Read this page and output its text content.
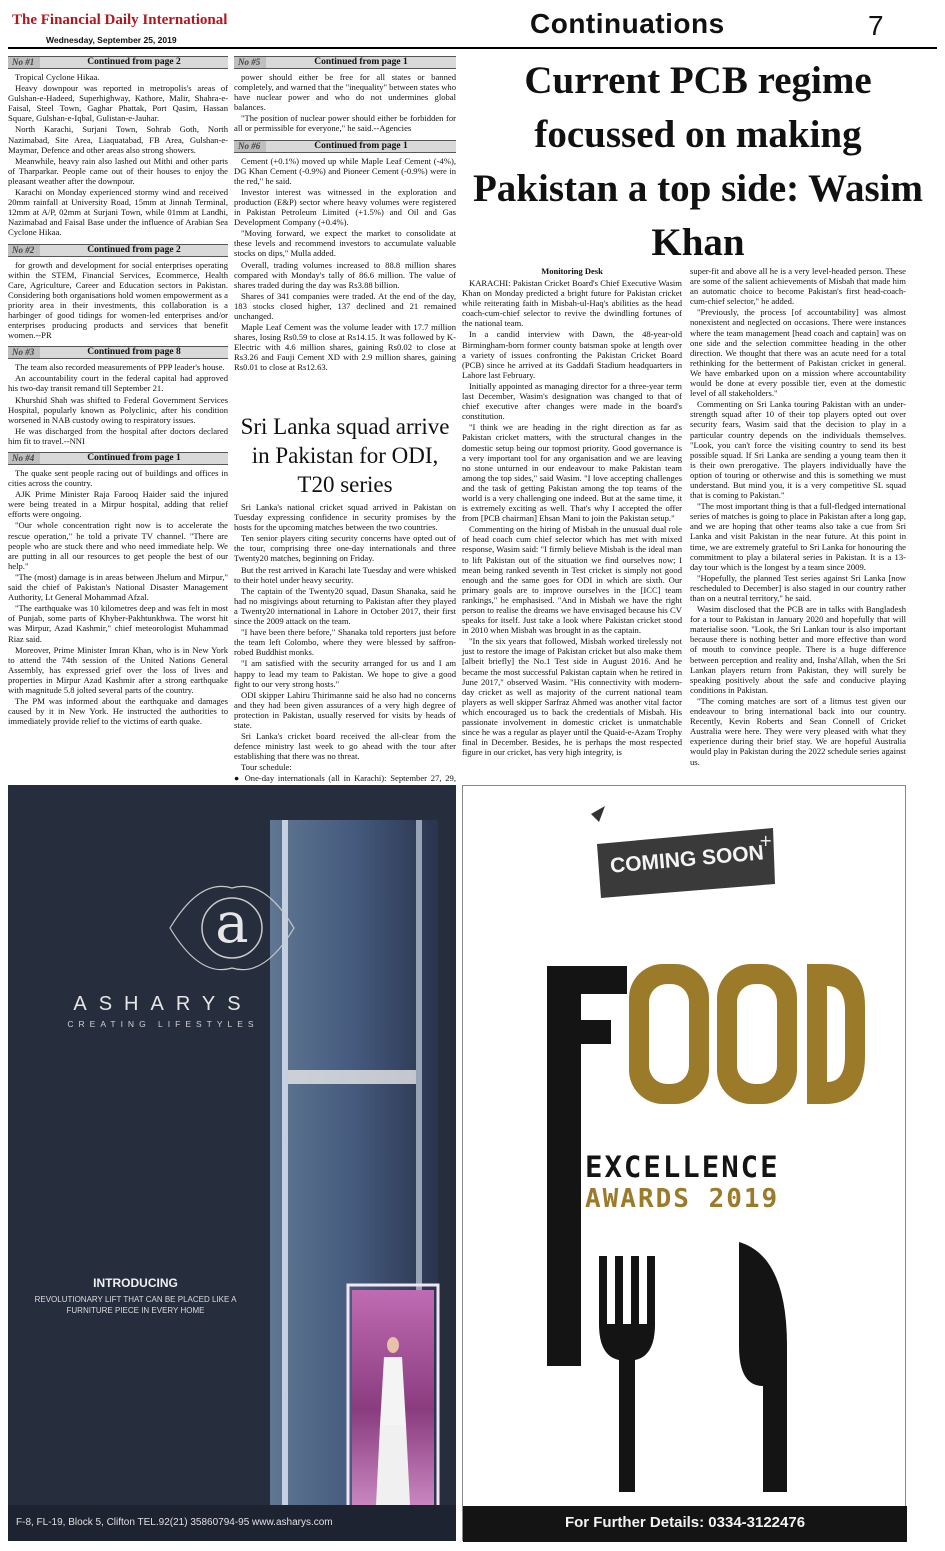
The Financial Daily International
Wednesday, September 25, 2019
Continuations	7
No #1	Continued from page 2

Tropical Cyclone Hikaa.

Heavy downpour was reported in metropolis's areas of Gulshan-e-Hadeed, Superhighway, Kathore, Malir, Shahra-e-Faisal, Steel Town, Gaghar Phattak, Port Qasim, Hassan Square, Gulshan-e-Iqbal, Gulistan-e-Jauhar.

North Karachi, Surjani Town, Sohrab Goth, North Nazimabad, Site Area, Liaquatabad, FB Area, Gulshan-e-Maymar, Defence and other areas also strong showers.

Meanwhile, heavy rain also lashed out Mithi and other parts of Tharparkar. People came out of their houses to enjoy the pleasant weather after the downpour.

Karachi on Monday experienced stormy wind and received 20mm rainfall at University Road, 15mm at Jinnah Terminal, 12mm at A/P, 02mm at Surjani Town, while 01mm at Landhi, Nazimabad and Faisal Base under the influence of Arabian Sea Cyclone Hikaa.

No #2	Continued from page 2

for growth and development for social enterprises operating within the STEM, Financial Services, Ecommerce, Health Care, Agriculture, Career and Education sectors in Pakistan. Considering both organisations hold women empowerment as a priority area in their investments, this collaboration is a harbinger of good tidings for women-led enterprises and/or enterprises producing products and services that benefit women.--PR

No #3	Continued from page 8

The team also recorded measurements of PPP leader's house.

An accountability court in the federal capital had approved his two-day transit remand till September 21.

Khurshid Shah was shifted to Federal Government Services Hospital, popularly known as Polyclinic, after his condition worsened in NAB custody owing to respiratory issues.

He was discharged from the hospital after doctors declared him fit to travel.--NNI

No #4	Continued from page 1

The quake sent people racing out of buildings and offices in cities across the country.

AJK Prime Minister Raja Farooq Haider said the injured were being treated in a Mirpur hospital, adding that relief efforts were ongoing.

"Our whole concentration right now is to accelerate the rescue operation," he told a private TV channel. "There are people who are stuck there and who need immediate help. We are putting in all our resources to get people the best of our help."

"The (most) damage is in areas between Jhelum and Mirpur," said the chief of Pakistan's National Disaster Management Authority, Lt General Mohammad Afzal.

"The earthquake was 10 kilometres deep and was felt in most of Punjab, some parts of Khyber-Pakhtunkhwa. The worst hit was Mirpur, Azad Kashmir," chief meteorologist Muhammad Riaz said.

Moreover, Prime Minister Imran Khan, who is in New York to attend the 74th session of the United Nations General Assembly, has expressed grief over the loss of lives and properties in Mirpur Azad Kashmir after a strong earthquake with magnitude 5.8 jolted several parts of the country.

The PM was informed about the earthquake and damages caused by it in New York. He instructed the authorities to immediately provide relief to the victims of earth quake.

No #5	Continued from page 1

power should either be free for all states or banned completely, and warned that the "inequality" between states who have nuclear power and who do not undermines global balances.

"The position of nuclear power should either be forbidden for all or permissible for everyone," he said.--Agencies

No #6	Continued from page 1

Cement (+0.1%) moved up while Maple Leaf Cement (-4%), DG Khan Cement (-0.9%) and Pioneer Cement (-0.9%) were in the red," he said.

Investor interest was witnessed in the exploration and production (E&P) sector where heavy volumes were registered in Pakistan Petroleum Limited (+1.5%) and Oil and Gas Development Company (+0.4%).

"Moving forward, we expect the market to consolidate at these levels and recommend investors to accumulate valuable stocks on dips," Mulla added.

Overall, trading volumes increased to 88.8 million shares compared with Monday's tally of 86.6 million. The value of shares traded during the day was Rs3.88 billion.

Shares of 341 companies were traded. At the end of the day, 183 stocks closed higher, 137 declined and 21 remained unchanged.

Maple Leaf Cement was the volume leader with 17.7 million shares, losing Rs0.59 to close at Rs14.15. It was followed by K-Electric with 4.6 million shares, gaining Rs0.02 to close at Rs3.26 and Fauji Cement XD with 2.9 million shares, gaining Rs0.01 to close at Rs12.63.

Sri Lanka squad arrive in Pakistan for ODI, T20 series

Sri Lanka's national cricket squad arrived in Pakistan on Tuesday expressing confidence in security promises by the hosts for the upcoming matches between the two countries.

Ten senior players citing security concerns have opted out of the tour, comprising three one-day internationals and three Twenty20 matches, beginning on Friday.

But the rest arrived in Karachi late Tuesday and were whisked to their hotel under heavy security.

The captain of the Twenty20 squad, Dasun Shanaka, said he had no misgivings about returning to Pakistan after they played a Twenty20 international in Lahore in October 2017, their first since the 2009 attack on the team.

"I have been there before," Shanaka told reporters just before the team left Colombo, where they were blessed by saffron-robed Buddhist monks.

"I am satisfied with the security arranged for us and I am happy to lead my team to Pakistan. We hope to give a good fight to our very strong hosts."

ODI skipper Lahiru Thirimanne said he also had no concerns and they had been given assurances of a very high degree of protection in Pakistan, usually reserved for visits by heads of state.

Sri Lanka's cricket board received the all-clear from the defence ministry last week to go ahead with the tour after establishing that there was no threat.

Tour schedule:

● One-day internationals (all in Karachi): September 27, 29,

Current PCB regime focussed on making Pakistan a top side: Wasim Khan
Monitoring Desk

KARACHI: Pakistan Cricket Board's Chief Executive Wasim Khan on Monday predicted a bright future for Pakistan cricket while reiterating faith in Misbah-ul-Haq's abilities as the head coach-cum-chief selector to revive the dwindling fortunes of the national team.

In a candid interview with Dawn, the 48-year-old Birmingham-born former county batsman spoke at length over a variety of issues confronting the Pakistan Cricket Board (PCB) since he arrived at its Gaddafi Stadium headquarters in Lahore last February.

Initially appointed as managing director for a three-year term last December, Wasim's designation was changed to that of chief executive after changes were made in the board's constitution.

"I think we are heading in the right direction as far as Pakistan cricket matters, with the structural changes in the domestic setup being our topmost priority. Good governance is a very important tool for any organisation and we are leaving no stone unturned in our endeavour to make Pakistan team among the top sides," said Wasim. "I love accepting challenges and the task of getting Pakistan among the top teams of the world is a very challenging one indeed. But at the same time, it is extremely exciting as well. That's why I accepted the offer from [PCB chairman] Ehsan Mani to join the Pakistan setup."

Commenting on the hiring of Misbah in the unusual dual role of head coach cum chief selector which has met with mixed response, Wasim said: "I firmly believe Misbah is the ideal man to lift Pakistan out of the situation we find ourselves now; I mean being ranked seventh in Test cricket is simply not good enough and the same goes for ODI in which are sixth. Our primary goals are to improve ourselves in the [ICC] team rankings," he emphasised. "And in Misbah we have the right person to realise the dreams we have envisaged because his CV speaks for itself. Just take a look where Pakistan cricket stood in 2010 when Misbah was brought in as the captain.

"In the six years that followed, Misbah worked tirelessly not just to restore the image of Pakistan cricket but also make them [albeit briefly] the No.1 Test side in August 2016. And he became the most successful Pakistan captain when he retired in June 2017," observed Wasim. "His connectivity with modern-day cricket as well as majority of the current national team players as well skipper Sarfraz Ahmed was another vital factor which encouraged us to back the credentials of Misbah. His passionate involvement in domestic cricket is unmatchable since he was a regular as player until the Quaid-e-Azam Trophy final in December. Besides, he is perhaps the most respected figure in our cricket, has very high integrity, is

super-fit and above all he is a very level-headed person. These are some of the salient achievements of Misbah that made him an automatic choice to become Pakistan's first head-coach-cum-chief selector," he added.

"Previously, the process [of accountability] was almost nonexistent and neglected on occasions. There were instances where the team management [head coach and captain] was on one side and the selection committee heading in the other direction. We thought that there was an acute need for a total rethinking for the betterment of Pakistan cricket in general. We have embarked upon on a mission where accountability would be done at every possible tier, even at the domestic level of all stakeholders."

Commenting on Sri Lanka touring Pakistan with an under-strength squad after 10 of their top players opted out over security fears, Wasim said that the decision to play in a particular country depends on the individuals themselves. "Look, you can't force the visiting country to send its best possible squad. If Sri Lanka are sending a young team then it is their own prerogative. The players individually have the option of touring or otherwise and this is something we must understand. But mind you, it is a very competitive SL squad that is coming to Pakistan."

"The most important thing is that a full-fledged international series of matches is going to place in Pakistan after a long gap, and we are hoping that other teams also take a cue from Sri Lanka and visit Pakistan in the near future. At this point in time, we are extremely grateful to Sri Lanka for honouring the commitment to play a bilateral series in Pakistan. It is a 13-day tour which is the longest by a team since 2009.

"Hopefully, the planned Test series against Sri Lanka [now rescheduled to December] is also staged in our country rather than on a neutral territory," he said.

Wasim disclosed that the PCB are in talks with Bangladesh for a tour to Pakistan in January 2020 and hopefully that will materialise soon. "Look, the Sri Lankan tour is also important because there is nothing better and more effective than word of mouth to convince people. There is a huge difference between perception and reality and, Insha'Allah, when the Sri Lankan players return from Pakistan, they will surely be speaking positively about the safe and conducive playing conditions in Pakistan.

"The coming matches are sort of a litmus test given our endeavour to bring international back into our country. Recently, Kevin Roberts and Sean Connell of Cricket Australia were here. They were very pleased with what they experience during their brief stay. We are hopeful Australia would play in Pakistan during the 2022 schedule series against us.

a
ASHARYS
CREATING LIFESTYLES
INTRODUCING
REVOLUTIONARY LIFT THAT CAN BE PLACED LIKE A
FURNITURE PIECE IN EVERY HOME
F-8, FL-19, Block 5, Clifton TEL.92(21) 35860794-95 www.asharys.com
+
COMING SOON
EXCELLENCE
AWARDS 2019
For Further Details: 0334-3122476
